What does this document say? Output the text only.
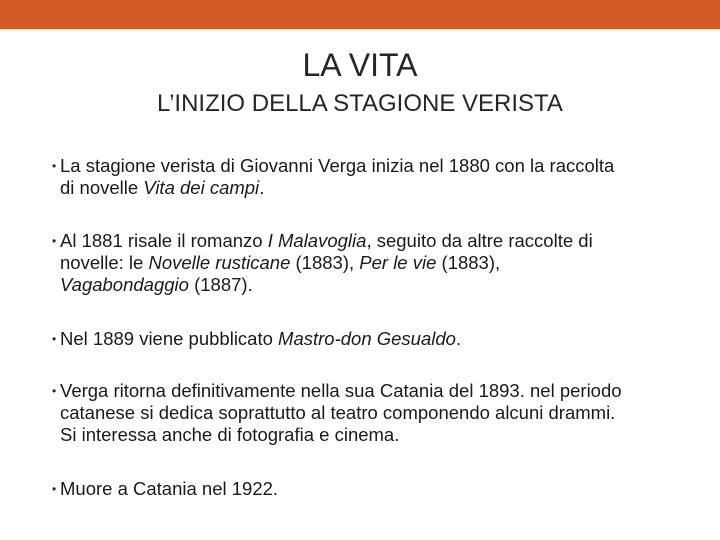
LA VITA
L’INIZIO DELLA STAGIONE VERISTA
• La stagione verista di Giovanni Verga inizia nel 1880 con la raccolta
di novelle Vita dei campi.
• Al 1881 risale il romanzo I Malavoglia, seguito da altre raccolte di
novelle: le Novelle rusticane (1883), Per le vie (1883),
Vagabondaggio (1887).
• Nel 1889 viene pubblicato Mastro-don Gesualdo.
• Verga ritorna definitivamente nella sua Catania del 1893. nel periodo
catanese si dedica soprattutto al teatro componendo alcuni drammi.
Si interessa anche di fotografia e cinema.
• Muore a Catania nel 1922.
